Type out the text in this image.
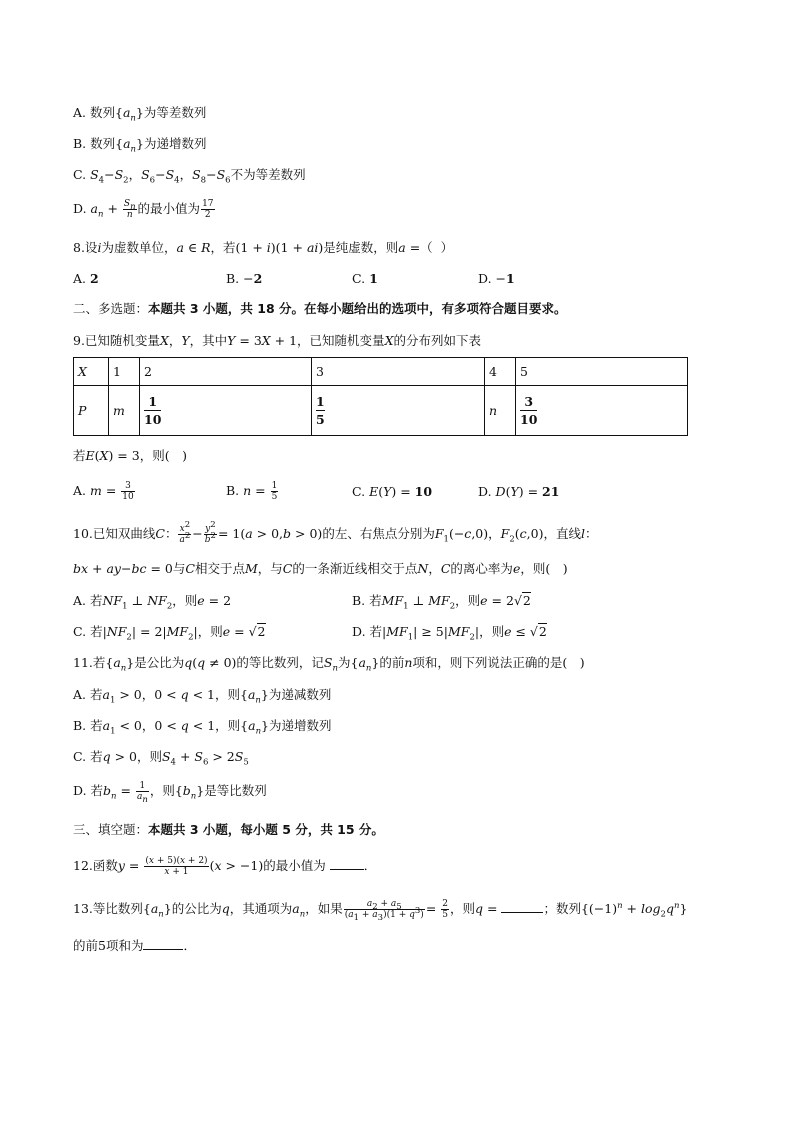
A. 数列$\{a_n\}$为等差数列
B. 数列$\{a_n\}$为递增数列
C. $S_4-S_2$，$S_6-S_4$，$S_8-S_6$不为等差数列
D. $a_n + \frac{S_n}{n}$ 的最小值为 $\frac{17}{2}$
8.设i为虚数单位，a ∈ R，若(1 + i)(1 + ai)是纯虚数，则a =（  ）
A. 2	B. −2	C. 1	D. −1
二、多选题：本题共 3 小题，共 18 分。在每小题给出的选项中，有多项符合题目要求。
9.已知随机变量X，Y，其中Y = 3X + 1，已知随机变量X的分布列如下表
X	1	2	3	4	5
P	m	$\frac{1}{10}$	$\frac{1}{5}$	n	$\frac{3}{10}$
若E(X) = 3，则(　)
A. $m = \frac{3}{10}$	B. $n = \frac{1}{5}$	C. E(Y) = 10	D. D(Y) = 21
10.已知双曲线C： $\frac{x^2}{a^2} - \frac{y^2}{b^2} = 1(a > 0,b > 0)$的左、右焦点分别为$F_1(-c,0)$，$F_2(c,0)$，直线l：
bx + ay−bc = 0与C相交于点M，与C的一条渐近线相交于点N，C的离心率为e，则(　)
A. 若$NF_1$ ⊥ $NF_2$，则e = 2	B. 若$MF_1$ ⊥ $MF_2$，则e = 2√2
C. 若$|NF_2| = 2|MF_2|$，则e = √2	D. 若$|MF_1| \ge 5|MF_2|$，则e ≤ √2
11.若$\{a_n\}$是公比为q(q ≠ 0)的等比数列，记$S_n$为$\{a_n\}$的前n项和，则下列说法正确的是(　)
A. 若$a_1 > 0$，0 < q < 1，则$\{a_n\}$为递减数列
B. 若$a_1 < 0$，0 < q < 1，则$\{a_n\}$为递增数列
C. 若q > 0，则$S_4 + S_6 > 2S_5$
D. 若$b_n = \frac{1}{a_n}$ ，则$\{b_n\}$是等比数列
三、填空题：本题共 3 小题，每小题 5 分，共 15 分。
12.函数$y = \frac{(x + 5)(x + 2)}{x + 1} (x > -1)$的最小值为	．
13.等比数列$\{a_n\}$的公比为q，其通项为$a_n$，如果 $\frac{a_2 + a_5}{(a_1 + a_3)(1 + q^3)} = \frac{2}{5}$ ，则q =	；数列$\{(-1)^n + \log_2q^n\}$
的前5项和为	．
